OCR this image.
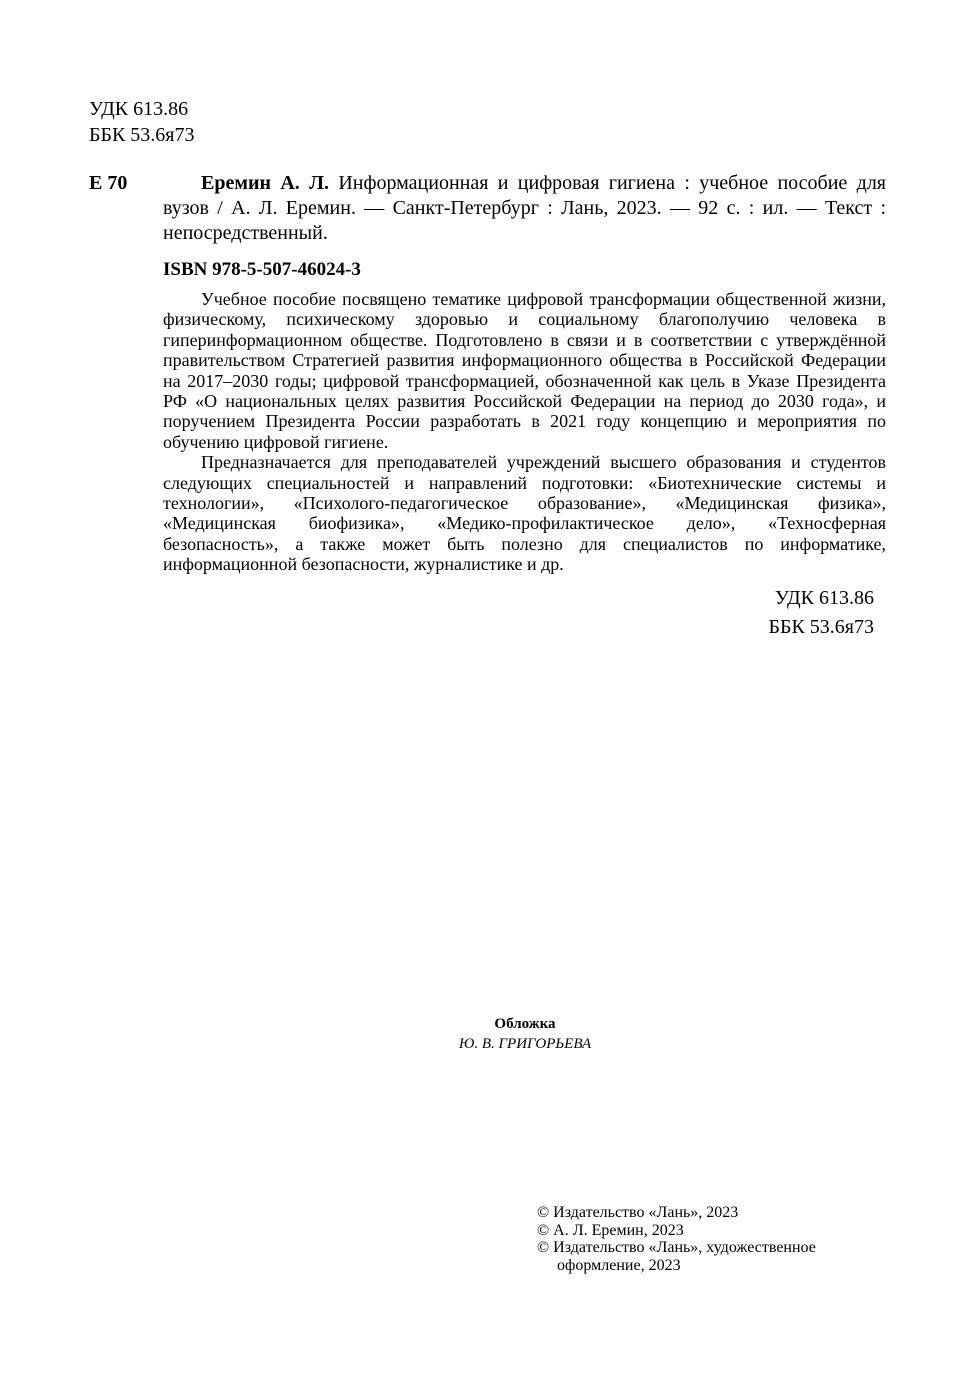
УДК 613.86
ББК 53.6я73
Е 70	Еремин А. Л. Информационная и цифровая гигиена : учебное пособие для вузов / А. Л. Еремин. — Санкт-Петербург : Лань, 2023. — 92 с. : ил. — Текст : непосредственный.
ISBN 978-5-507-46024-3

Учебное пособие посвящено тематике цифровой трансформации общественной жизни, физическому, психическому здоровью и социальному благополучию человека в гиперинформационном обществе. Подготовлено в связи и в соответствии с утверждённой правительством Стратегией развития информационного общества в Российской Федерации на 2017–2030 годы; цифровой трансформацией, обозначенной как цель в Указе Президента РФ «О национальных целях развития Российской Федерации на период до 2030 года», и поручением Президента России разработать в 2021 году концепцию и мероприятия по обучению цифровой гигиене.

Предназначается для преподавателей учреждений высшего образования и студентов следующих специальностей и направлений подготовки: «Биотехнические системы и технологии», «Психолого-педагогическое образование», «Медицинская физика», «Медицинская биофизика», «Медико-профилактическое дело», «Техносферная безопасность», а также может быть полезно для специалистов по информатике, информационной безопасности, журналистике и др.

УДК 613.86
ББК 53.6я73
Обложка
Ю. В. ГРИГОРЬЕВА
© Издательство «Лань», 2023
© А. Л. Еремин, 2023
© Издательство «Лань», художественное
оформление, 2023
